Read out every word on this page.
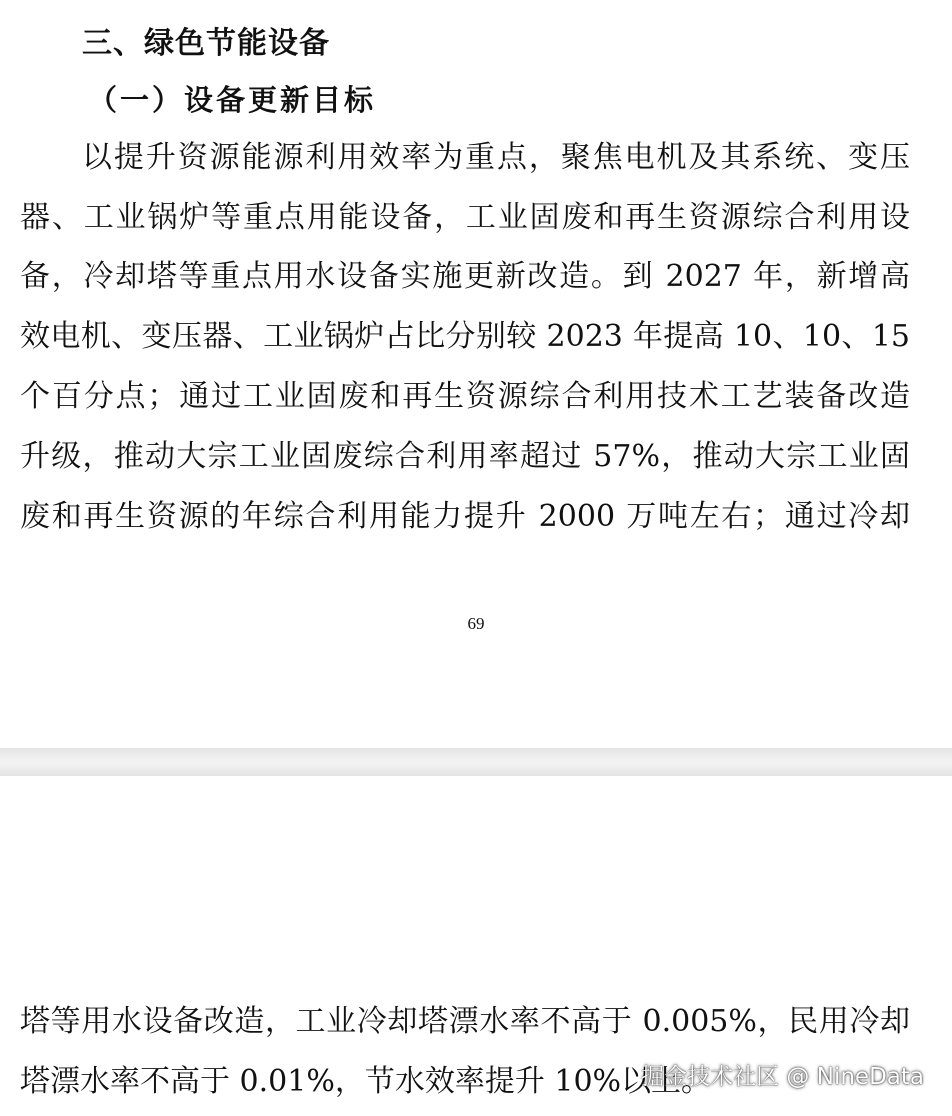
三、绿色节能设备
（一）设备更新目标
以提升资源能源利用效率为重点，聚焦电机及其系统、变压
器、工业锅炉等重点用能设备，工业固废和再生资源综合利用设
备，冷却塔等重点用水设备实施更新改造。到 2027 年，新增高
效电机、变压器、工业锅炉占比分别较 2023 年提高 10、10、15
个百分点；通过工业固废和再生资源综合利用技术工艺装备改造
升级，推动大宗工业固废综合利用率超过 57%，推动大宗工业固
废和再生资源的年综合利用能力提升 2000 万吨左右；通过冷却
69
塔等用水设备改造，工业冷却塔漂水率不高于 0.005%，民用冷却
塔漂水率不高于 0.01%，节水效率提升 10%以上。
掘金技术社区 @ NineData
